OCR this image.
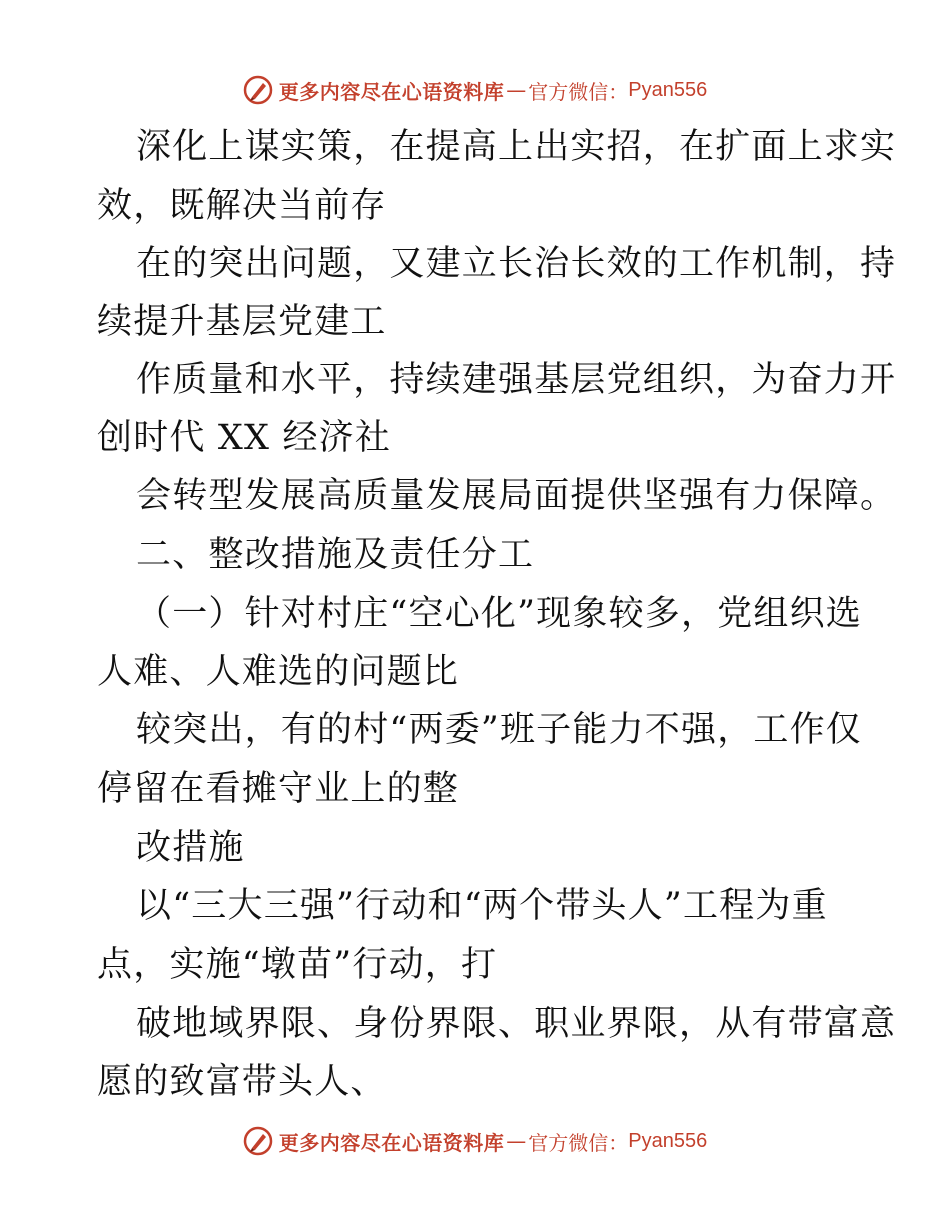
更多内容尽在心语资料库 — 官方微信： Pyan556
深化上谋实策，在提高上出实招，在扩面上求实
效，既解决当前存
在的突出问题，又建立长治长效的工作机制，持
续提升基层党建工
作质量和水平，持续建强基层党组织，为奋力开
创时代 XX 经济社
会转型发展高质量发展局面提供坚强有力保障。
二、整改措施及责任分工
（一）针对村庄“空心化”现象较多，党组织选
人难、人难选的问题比
较突出，有的村“两委”班子能力不强，工作仅
停留在看摊守业上的整
改措施
以“三大三强”行动和“两个带头人”工程为重
点，实施“墩苗”行动，打
破地域界限、身份界限、职业界限，从有带富意
愿的致富带头人、
更多内容尽在心语资料库 — 官方微信： Pyan556
